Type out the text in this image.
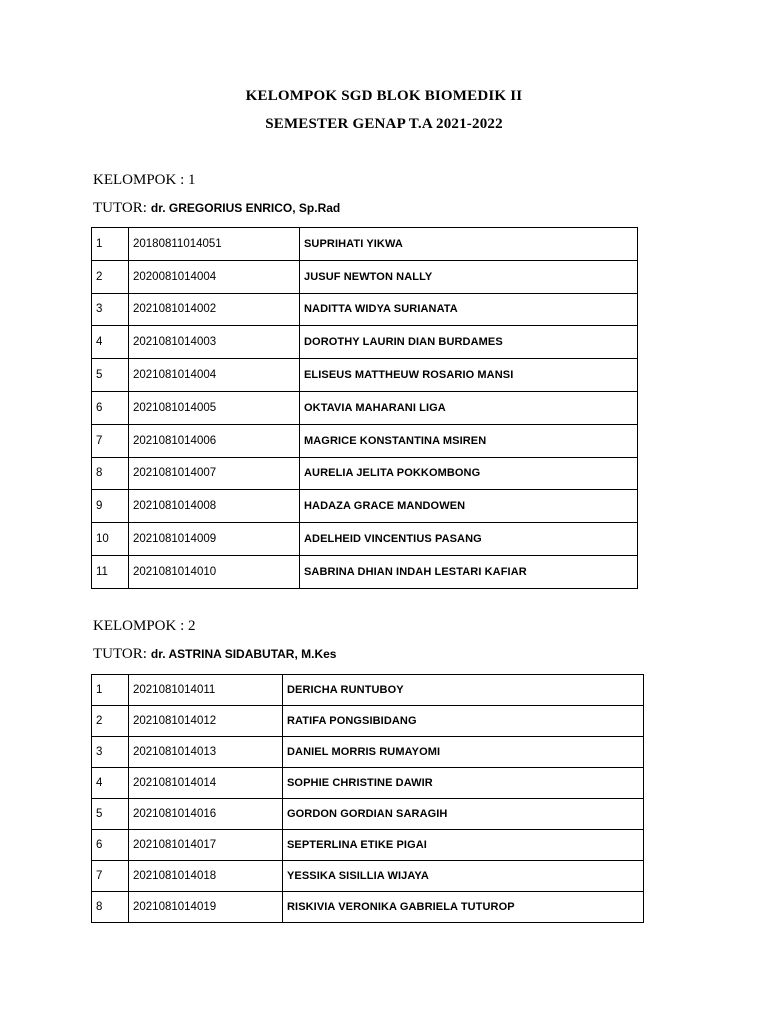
KELOMPOK SGD BLOK BIOMEDIK II
SEMESTER GENAP T.A 2021-2022
KELOMPOK : 1
TUTOR: dr. GREGORIUS ENRICO, Sp.Rad
1	20180811014051	SUPRIHATI YIKWA
2	2020081014004	JUSUF NEWTON NALLY
3	2021081014002	NADITTA WIDYA SURIANATA
4	2021081014003	DOROTHY LAURIN DIAN BURDAMES
5	2021081014004	ELISEUS MATTHEUW ROSARIO MANSI
6	2021081014005	OKTAVIA MAHARANI LIGA
7	2021081014006	MAGRICE KONSTANTINA MSIREN
8	2021081014007	AURELIA JELITA POKKOMBONG
9	2021081014008	HADAZA GRACE MANDOWEN
10	2021081014009	ADELHEID VINCENTIUS PASANG
11	2021081014010	SABRINA DHIAN INDAH LESTARI KAFIAR
KELOMPOK : 2
TUTOR: dr. ASTRINA SIDABUTAR, M.Kes
1	2021081014011	DERICHA RUNTUBOY
2	2021081014012	RATIFA PONGSIBIDANG
3	2021081014013	DANIEL MORRIS RUMAYOMI
4	2021081014014	SOPHIE CHRISTINE DAWIR
5	2021081014016	GORDON GORDIAN SARAGIH
6	2021081014017	SEPTERLINA ETIKE PIGAI
7	2021081014018	YESSIKA SISILLIA WIJAYA
8	2021081014019	RISKIVIA VERONIKA GABRIELA TUTUROP
